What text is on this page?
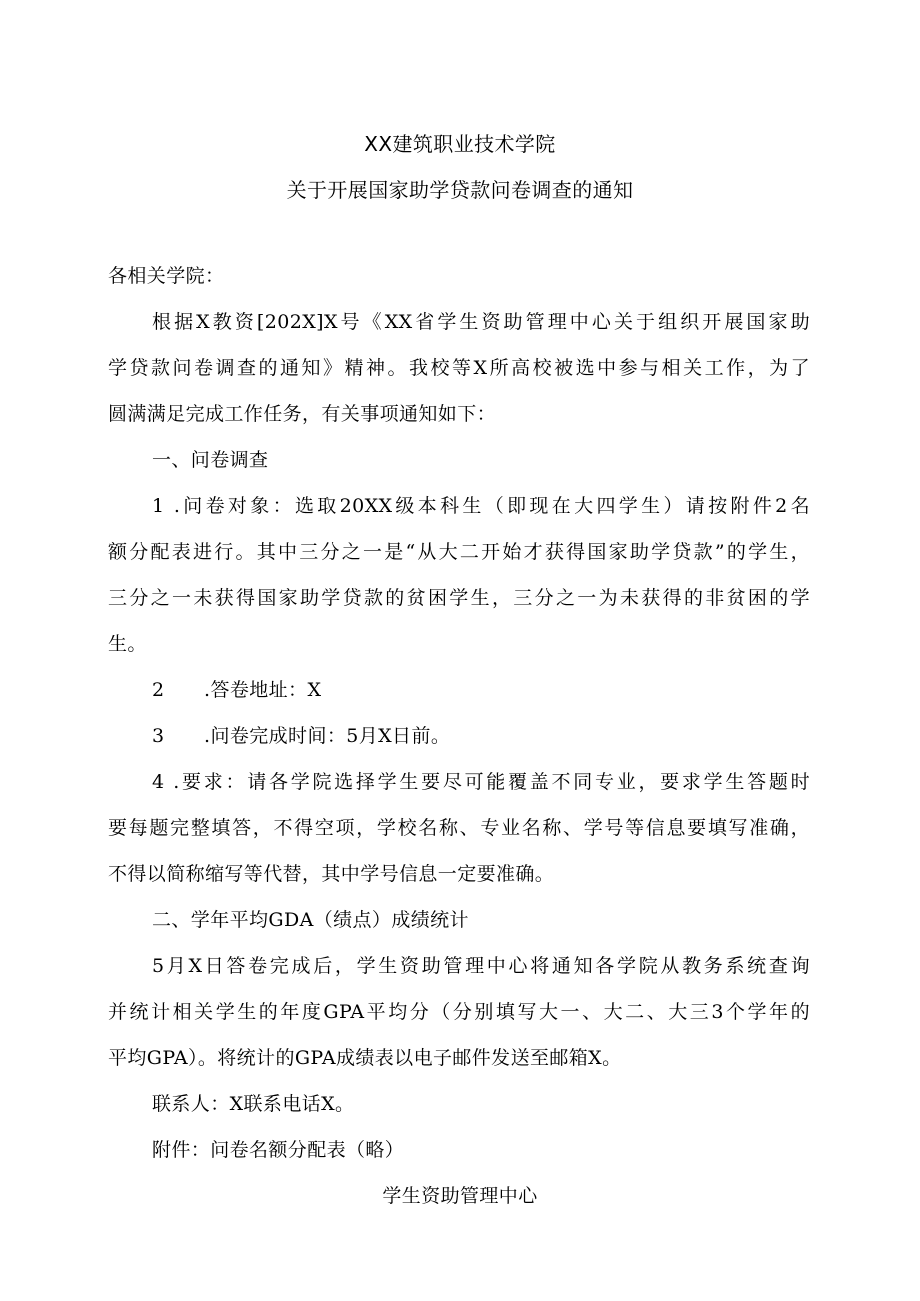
XX建筑职业技术学院
关于开展国家助学贷款问卷调查的通知
各相关学院：
根据X教资[202X]X号《XX省学生资助管理中心关于组织开展国家助
学贷款问卷调查的通知》精神。我校等X所高校被选中参与相关工作，为了
圆满满足完成工作任务，有关事项通知如下：
一、问卷调查
1 .问卷对象：选取20XX级本科生（即现在大四学生）请按附件2名
额分配表进行。其中三分之一是“从大二开始才获得国家助学贷款”的学生，
三分之一未获得国家助学贷款的贫困学生，三分之一为未获得的非贫困的学
生。
2 .答卷地址：X
3 .问卷完成时间：5月X日前。
4 .要求：请各学院选择学生要尽可能覆盖不同专业，要求学生答题时
要每题完整填答，不得空项，学校名称、专业名称、学号等信息要填写准确，
不得以简称缩写等代替，其中学号信息一定要准确。
二、学年平均GDA（绩点）成绩统计
5月X日答卷完成后，学生资助管理中心将通知各学院从教务系统查询
并统计相关学生的年度GPA平均分（分别填写大一、大二、大三3个学年的
平均GPA）。将统计的GPA成绩表以电子邮件发送至邮箱X。
联系人：X联系电话X。
附件：问卷名额分配表（略）
学生资助管理中心
